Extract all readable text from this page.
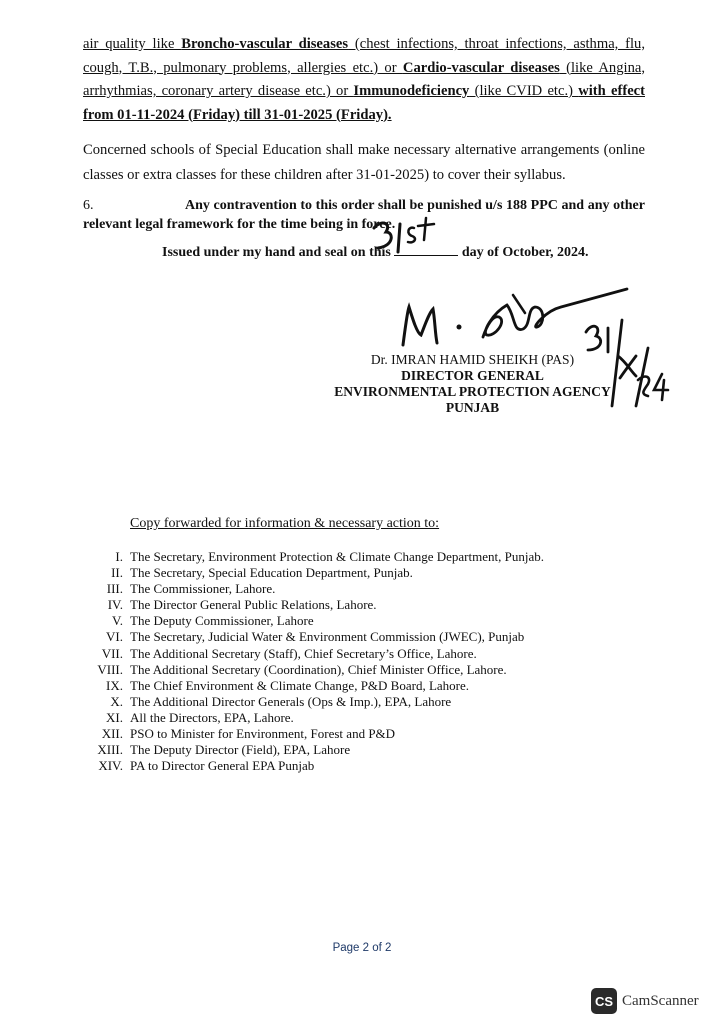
air quality like Broncho-vascular diseases (chest infections, throat infections, asthma, flu, cough, T.B., pulmonary problems, allergies etc.) or Cardio-vascular diseases (like Angina, arrhythmias, coronary artery disease etc.) or Immunodeficiency (like CVID etc.) with effect from 01-11-2024 (Friday) till 31-01-2025 (Friday).
Concerned schools of Special Education shall make necessary alternative arrangements (online classes or extra classes for these children after 31-01-2025) to cover their syllabus.
6.	Any contravention to this order shall be punished u/s 188 PPC and any other relevant legal framework for the time being in force.
Issued under my hand and seal on this	day of October, 2024.
Dr. IMRAN HAMID SHEIKH (PAS)
DIRECTOR GENERAL
ENVIRONMENTAL PROTECTION AGENCY
PUNJAB
Copy forwarded for information & necessary action to:
I. The Secretary, Environment Protection & Climate Change Department, Punjab.
II. The Secretary, Special Education Department, Punjab.
III. The Commissioner, Lahore.
IV. The Director General Public Relations, Lahore.
V. The Deputy Commissioner, Lahore
VI. The Secretary, Judicial Water & Environment Commission (JWEC), Punjab
VII. The Additional Secretary (Staff), Chief Secretary’s Office, Lahore.
VIII. The Additional Secretary (Coordination), Chief Minister Office, Lahore.
IX. The Chief Environment & Climate Change, P&D Board, Lahore.
X. The Additional Director Generals (Ops & Imp.), EPA, Lahore
XI. All the Directors, EPA, Lahore.
XII. PSO to Minister for Environment, Forest and P&D
XIII. The Deputy Director (Field), EPA, Lahore
XIV. PA to Director General EPA Punjab
Page 2 of 2
CS CamScanner
